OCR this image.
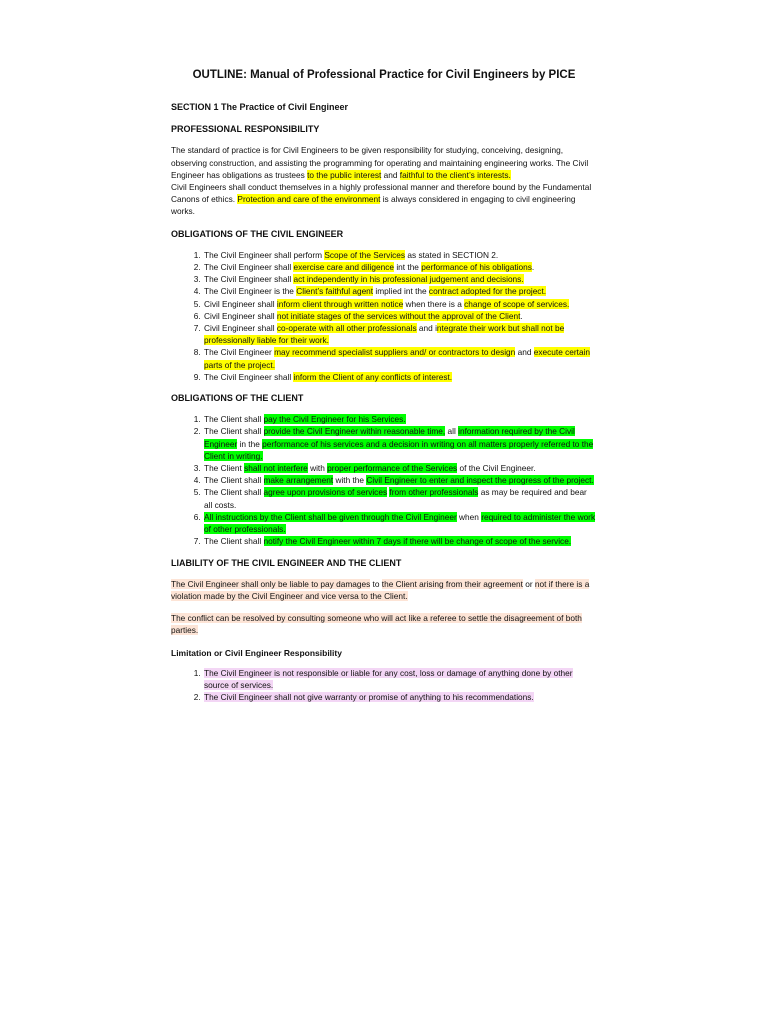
OUTLINE: Manual of Professional Practice for Civil Engineers by PICE

SECTION 1 The Practice of Civil Engineer

PROFESSIONAL RESPONSIBILITY

The standard of practice is for Civil Engineers to be given responsibility for studying, conceiving, designing, observing construction, and assisting the programming for operating and maintaining engineering works. The Civil Engineer has obligations as trustees to the public interest and faithful to the client’s interests.

Civil Engineers shall conduct themselves in a highly professional manner and therefore bound by the Fundamental Canons of ethics. Protection and care of the environment is always considered in engaging to civil engineering works.

OBLIGATIONS OF THE CIVIL ENGINEER

1. The Civil Engineer shall perform Scope of the Services as stated in SECTION 2.
2. The Civil Engineer shall exercise care and diligence int the performance of his obligations.
3. The Civil Engineer shall act independently in his professional judgement and decisions.
4. The Civil Engineer is the Client’s faithful agent implied int the contract adopted for the project.
5. Civil Engineer shall inform client through written notice when there is a change of scope of services.
6. Civil Engineer shall not initiate stages of the services without the approval of the Client.
7. Civil Engineer shall co-operate with all other professionals and integrate their work but shall not be professionally liable for their work.
8. The Civil Engineer may recommend specialist suppliers and/ or contractors to design and execute certain parts of the project.
9. The Civil Engineer shall inform the Client of any conflicts of interest.

OBLIGATIONS OF THE CLIENT

1. The Client shall pay the Civil Engineer for his Services.
2. The Client shall provide the Civil Engineer within reasonable time, all information required by the Civil Engineer in the performance of his services and a decision in writing on all matters properly referred to the Client in writing.
3. The Client shall not interfere with proper performance of the Services of the Civil Engineer.
4. The Client shall make arrangement with the Civil Engineer to enter and inspect the progress of the project.
5. The Client shall agree upon provisions of services from other professionals as may be required and bear all costs.
6. All instructions by the Client shall be given through the Civil Engineer when required to administer the work of other professionals.
7. The Client shall notify the Civil Engineer within 7 days if there will be change of scope of the service.

LIABILITY OF THE CIVIL ENGINEER AND THE CLIENT

The Civil Engineer shall only be liable to pay damages to the Client arising from their agreement or not if there is a violation made by the Civil Engineer and vice versa to the Client.

The conflict can be resolved by consulting someone who will act like a referee to settle the disagreement of both parties.

Limitation or Civil Engineer Responsibility

1. The Civil Engineer is not responsible or liable for any cost, loss or damage of anything done by other source of services.
2. The Civil Engineer shall not give warranty or promise of anything to his recommendations.
